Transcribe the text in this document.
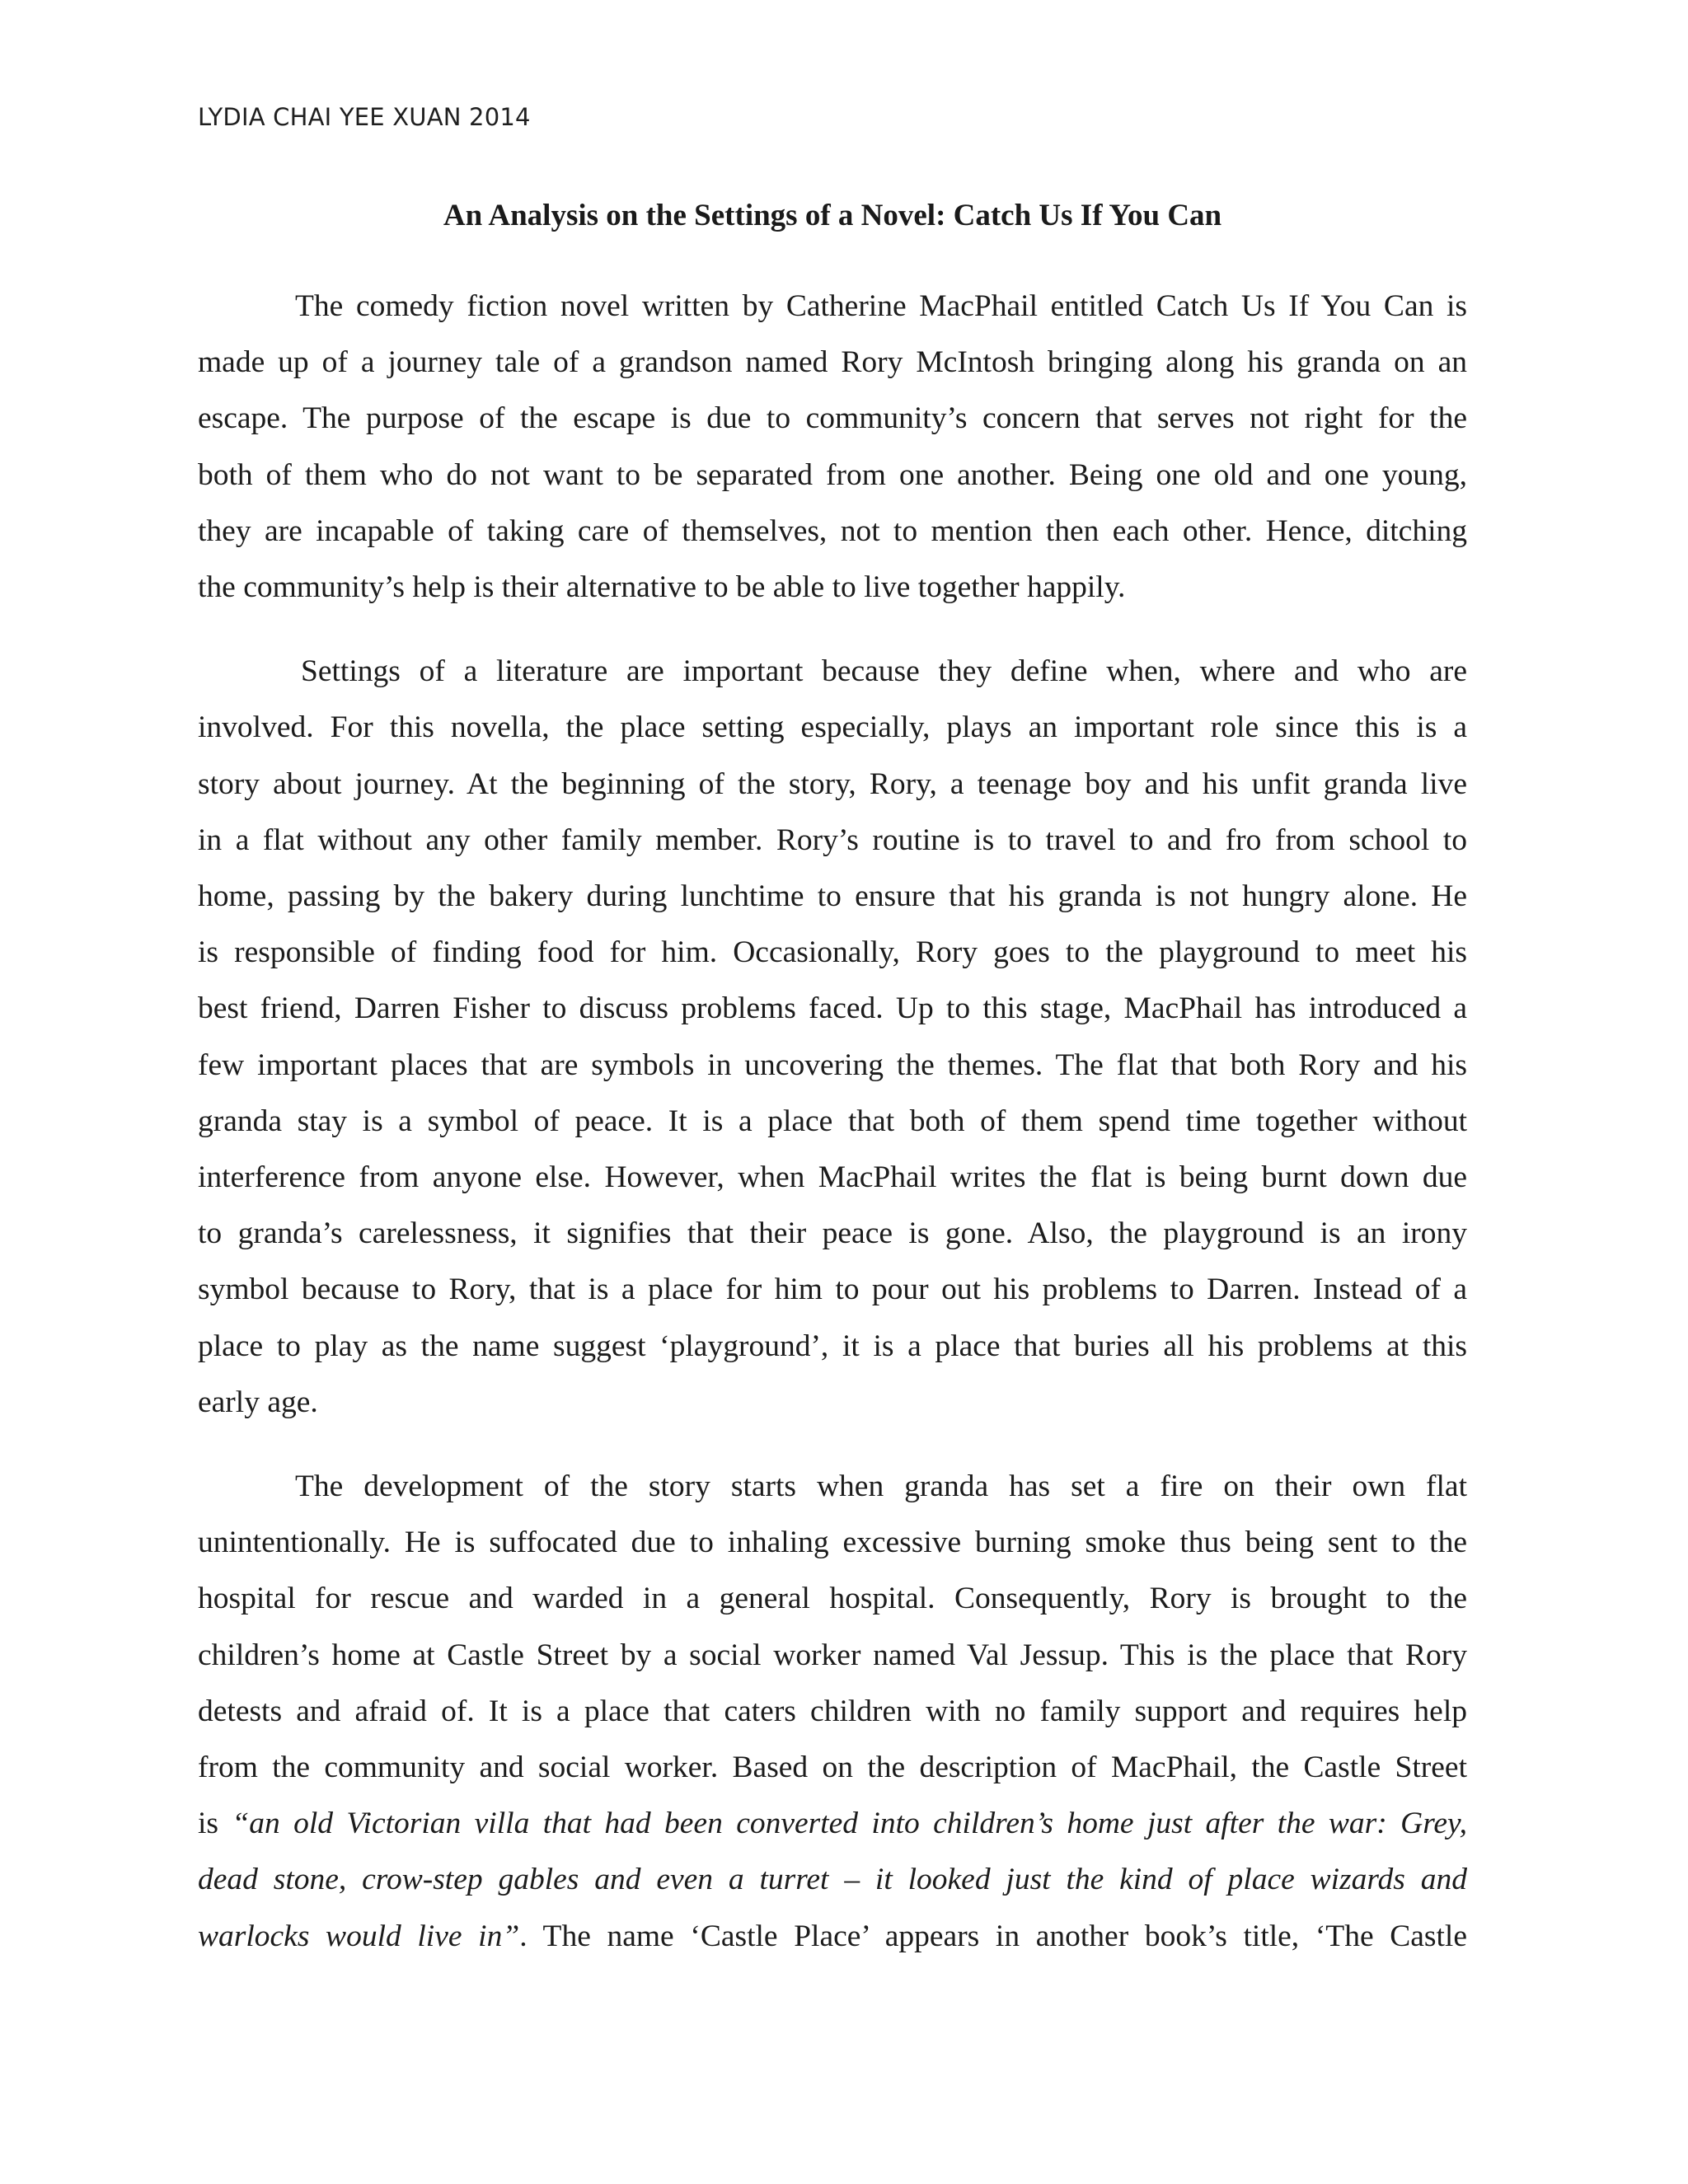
LYDIA CHAI YEE XUAN 2014
An Analysis on the Settings of a Novel: Catch Us If You Can
The comedy fiction novel written by Catherine MacPhail entitled Catch Us If You Can is
made up of a journey tale of a grandson named Rory McIntosh bringing along his granda on an
escape. The purpose of the escape is due to community’s concern that serves not right for the
both of them who do not want to be separated from one another. Being one old and one young,
they are incapable of taking care of themselves, not to mention then each other. Hence, ditching
the community’s help is their alternative to be able to live together happily.
Settings of a literature are important because they define when, where and who are
involved. For this novella, the place setting especially, plays an important role since this is a
story about journey. At the beginning of the story, Rory, a teenage boy and his unfit granda live
in a flat without any other family member. Rory’s routine is to travel to and fro from school to
home, passing by the bakery during lunchtime to ensure that his granda is not hungry alone. He
is responsible of finding food for him. Occasionally, Rory goes to the playground to meet his
best friend, Darren Fisher to discuss problems faced. Up to this stage, MacPhail has introduced a
few important places that are symbols in uncovering the themes. The flat that both Rory and his
granda stay is a symbol of peace. It is a place that both of them spend time together without
interference from anyone else. However, when MacPhail writes the flat is being burnt down due
to granda’s carelessness, it signifies that their peace is gone. Also, the playground is an irony
symbol because to Rory, that is a place for him to pour out his problems to Darren. Instead of a
place to play as the name suggest ‘playground’, it is a place that buries all his problems at this
early age.
The development of the story starts when granda has set a fire on their own flat
unintentionally. He is suffocated due to inhaling excessive burning smoke thus being sent to the
hospital for rescue and warded in a general hospital. Consequently, Rory is brought to the
children’s home at Castle Street by a social worker named Val Jessup. This is the place that Rory
detests and afraid of. It is a place that caters children with no family support and requires help
from the community and social worker. Based on the description of MacPhail, the Castle Street
is “an old Victorian villa that had been converted into children’s home just after the war: Grey,
dead stone, crow-step gables and even a turret – it looked just the kind of place wizards and
warlocks would live in”. The name ‘Castle Place’ appears in another book’s title, ‘The Castle
